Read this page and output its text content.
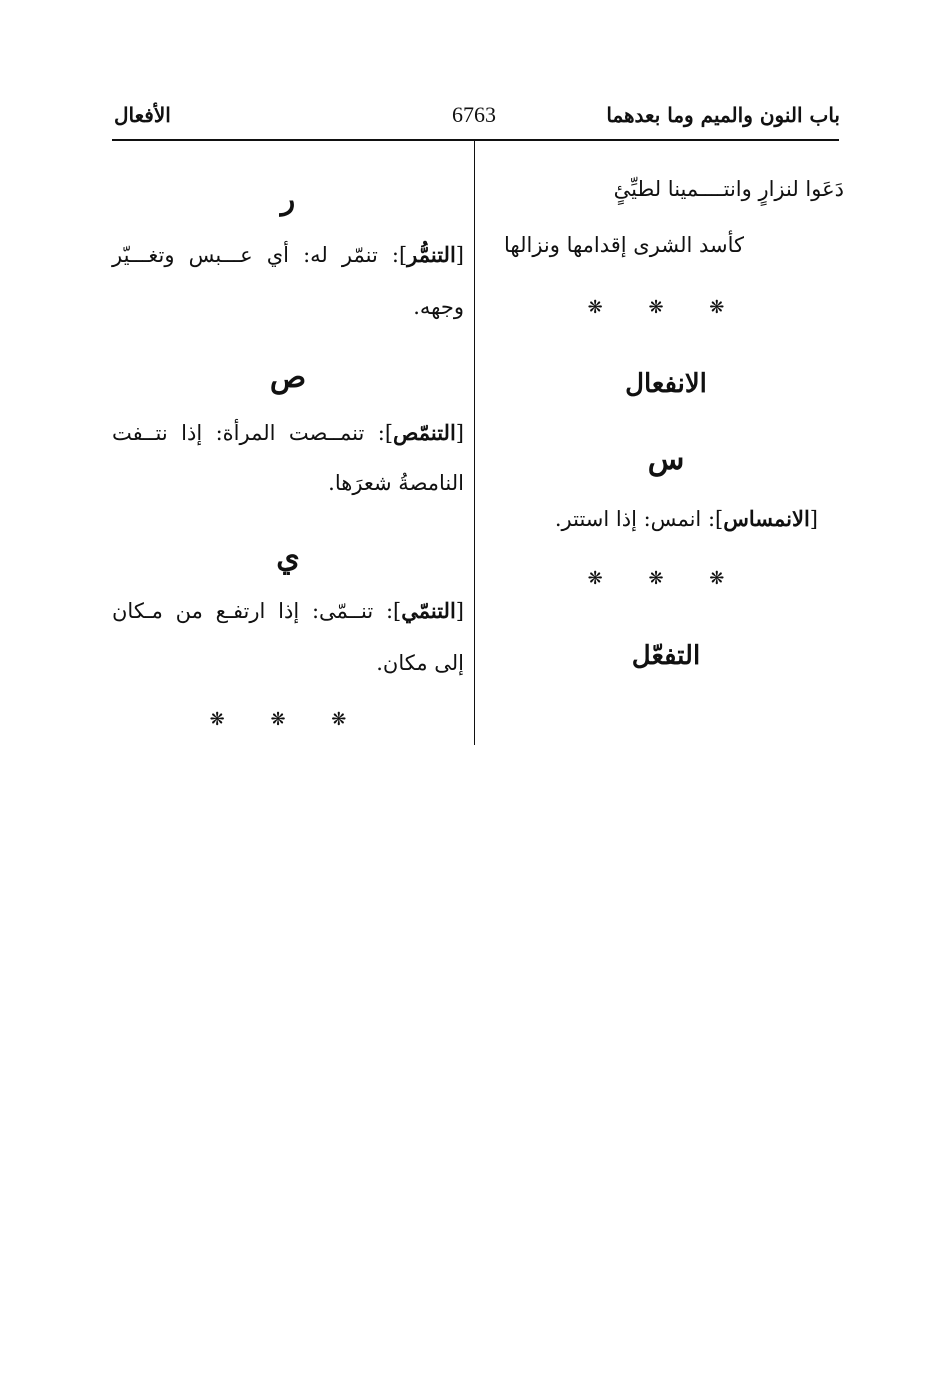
باب النون والميم وما بعدهما
6763
الأفعال
دَعَوا لنزارٍ وانتــــمينا لطيِّئٍ
كأسد الشرى إقدامها ونزالها
❋ ❋ ❋
الانفعال
س
[الانمساس]: انمس: إذا استتر.
❋ ❋ ❋
التفعّل
ر
[التنمُّر]: تنمّر له: أي عـــبس وتغـــيّر
وجهه.
ص
[التنمّص]: تنمــصت المرأة: إذا نتــفت
النامصةُ شعرَها.
ي
[التنمّي]: تنــمّى: إذا ارتفـع من مـكان
إلى مكان.
❋ ❋ ❋
